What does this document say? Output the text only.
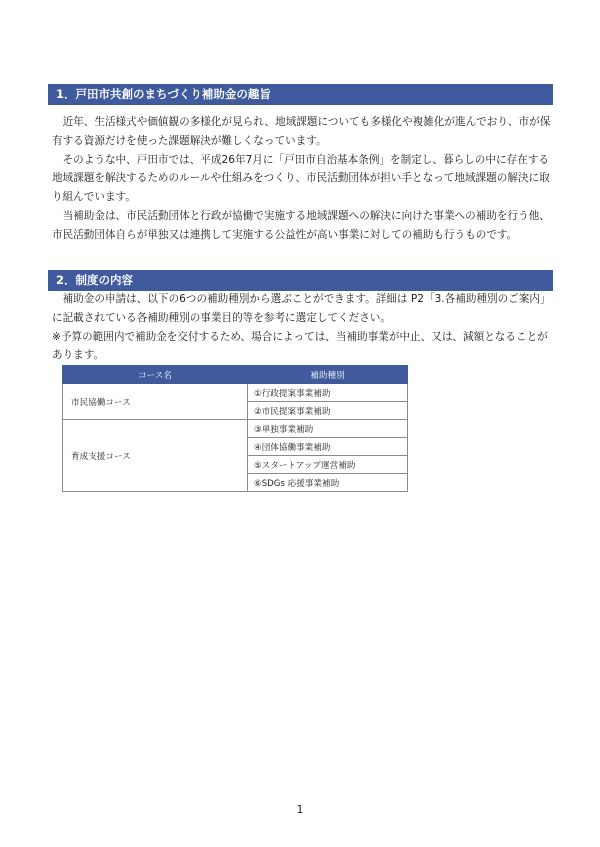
1．戸田市共創のまちづくり補助金の趣旨

近年、生活様式や価値観の多様化が見られ、地域課題についても多様化や複雑化が進んでおり、市が保有する資源だけを使った課題解決が難しくなっています。

そのような中、戸田市では、平成26年7月に「戸田市自治基本条例」を制定し、暮らしの中に存在する地域課題を解決するためのルールや仕組みをつくり、市民活動団体が担い手となって地域課題の解決に取り組んでいます。

当補助金は、市民活動団体と行政が協働で実施する地域課題への解決に向けた事業への補助を行う他、市民活動団体自らが単独又は連携して実施する公益性が高い事業に対しての補助も行うものです。

2．制度の内容

補助金の申請は、以下の6つの補助種別から選ぶことができます。詳細は P2「3.各補助種別のご案内」に記載されている各補助種別の事業目的等を参考に選定してください。

※予算の範囲内で補助金を交付するため、場合によっては、当補助事業が中止、又は、減額となることがあります。

コース名	補助種別
市民協働コース	①行政提案事業補助
	②市民提案事業補助
育成支援コース	③単独事業補助
	④団体協働事業補助
	⑤スタートアップ運営補助
	⑥SDGs 応援事業補助
1
